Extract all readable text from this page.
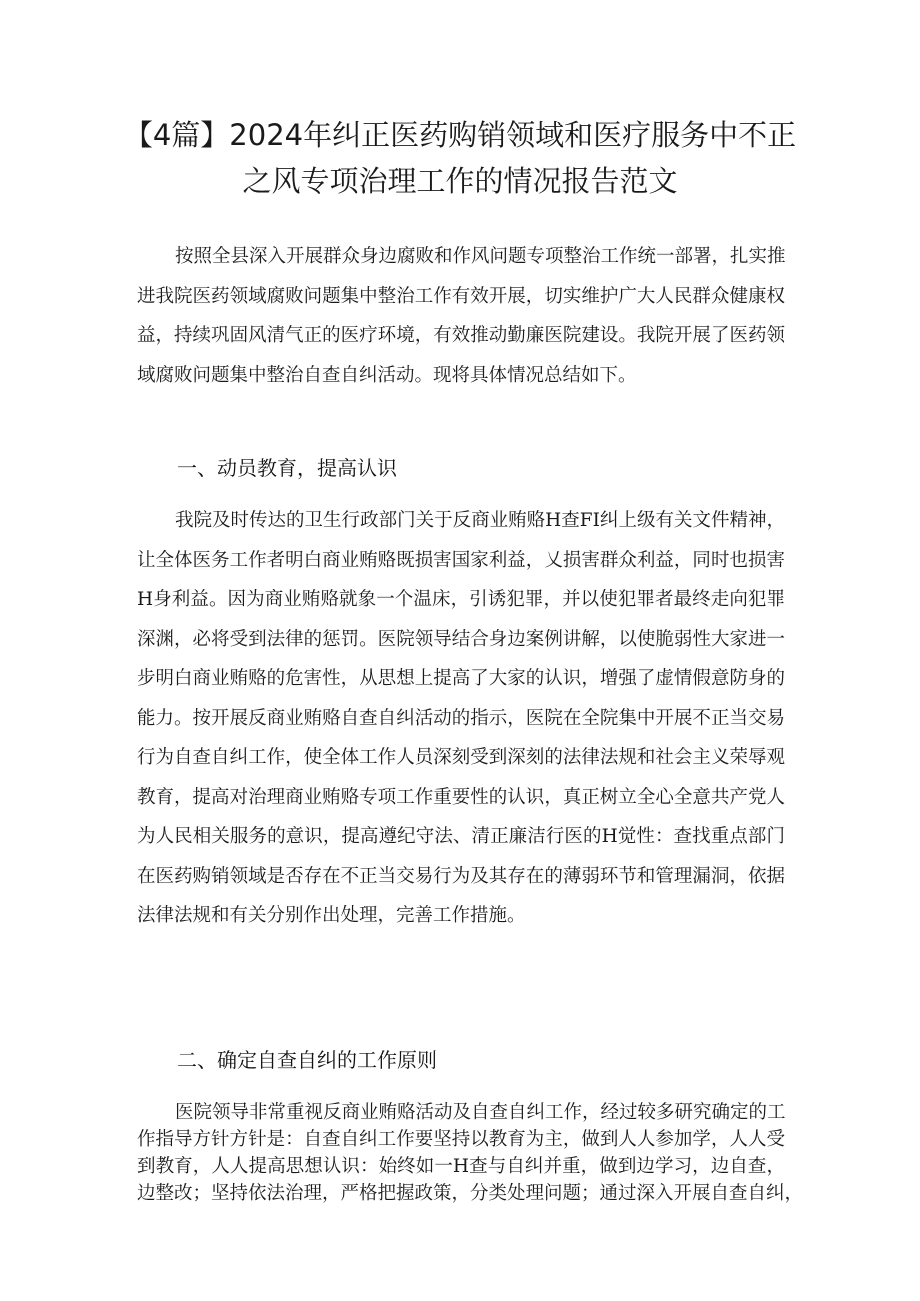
【4篇】2024年纠正医药购销领域和医疗服务中不正
之风专项治理工作的情况报告范文
按照全县深入开展群众身边腐败和作风问题专项整治工作统一部署，扎实推
进我院医药领域腐败问题集中整治工作有效开展，切实维护广大人民群众健康权
益，持续巩固风清气正的医疗环境，有效推动勤廉医院建设。我院开展了医药领
域腐败问题集中整治自查自纠活动。现将具体情况总结如下。
一、动员教育，提高认识
我院及时传达的卫生行政部门关于反商业贿赂H查FI纠上级有关文件精神，
让全体医务工作者明白商业贿赂既损害国家利益，乂损害群众利益，同时也损害
H身利益。因为商业贿赂就象一个温床，引诱犯罪，并以使犯罪者最终走向犯罪
深渊，必将受到法律的惩罚。医院领导结合身边案例讲解，以使脆弱性大家进一
步明白商业贿赂的危害性，从思想上提高了大家的认识，增强了虚情假意防身的
能力。按开展反商业贿赂自查自纠活动的指示，医院在全院集中开展不正当交易
行为自查自纠工作，使全体工作人员深刻受到深刻的法律法规和社会主义荣辱观
教育，提高对治理商业贿赂专项工作重要性的认识，真正树立全心全意共产党人
为人民相关服务的意识，提高遵纪守法、清正廉洁行医的H觉性：查找重点部门
在医药购销领域是否存在不正当交易行为及其存在的薄弱环节和管理漏洞，依据
法律法规和有关分别作出处理，完善工作措施。
二、确定自查自纠的工作原则
医院领导非常重视反商业贿赂活动及自查自纠工作，经过较多研究确定的工
作指导方针方针是：自查自纠工作要坚持以教育为主，做到人人参加学，人人受
到教育，人人提高思想认识：始终如一H查与自纠并重，做到边学习，边自查，
边整改；坚持依法治理，严格把握政策，分类处理问题；通过深入开展自查自纠，
